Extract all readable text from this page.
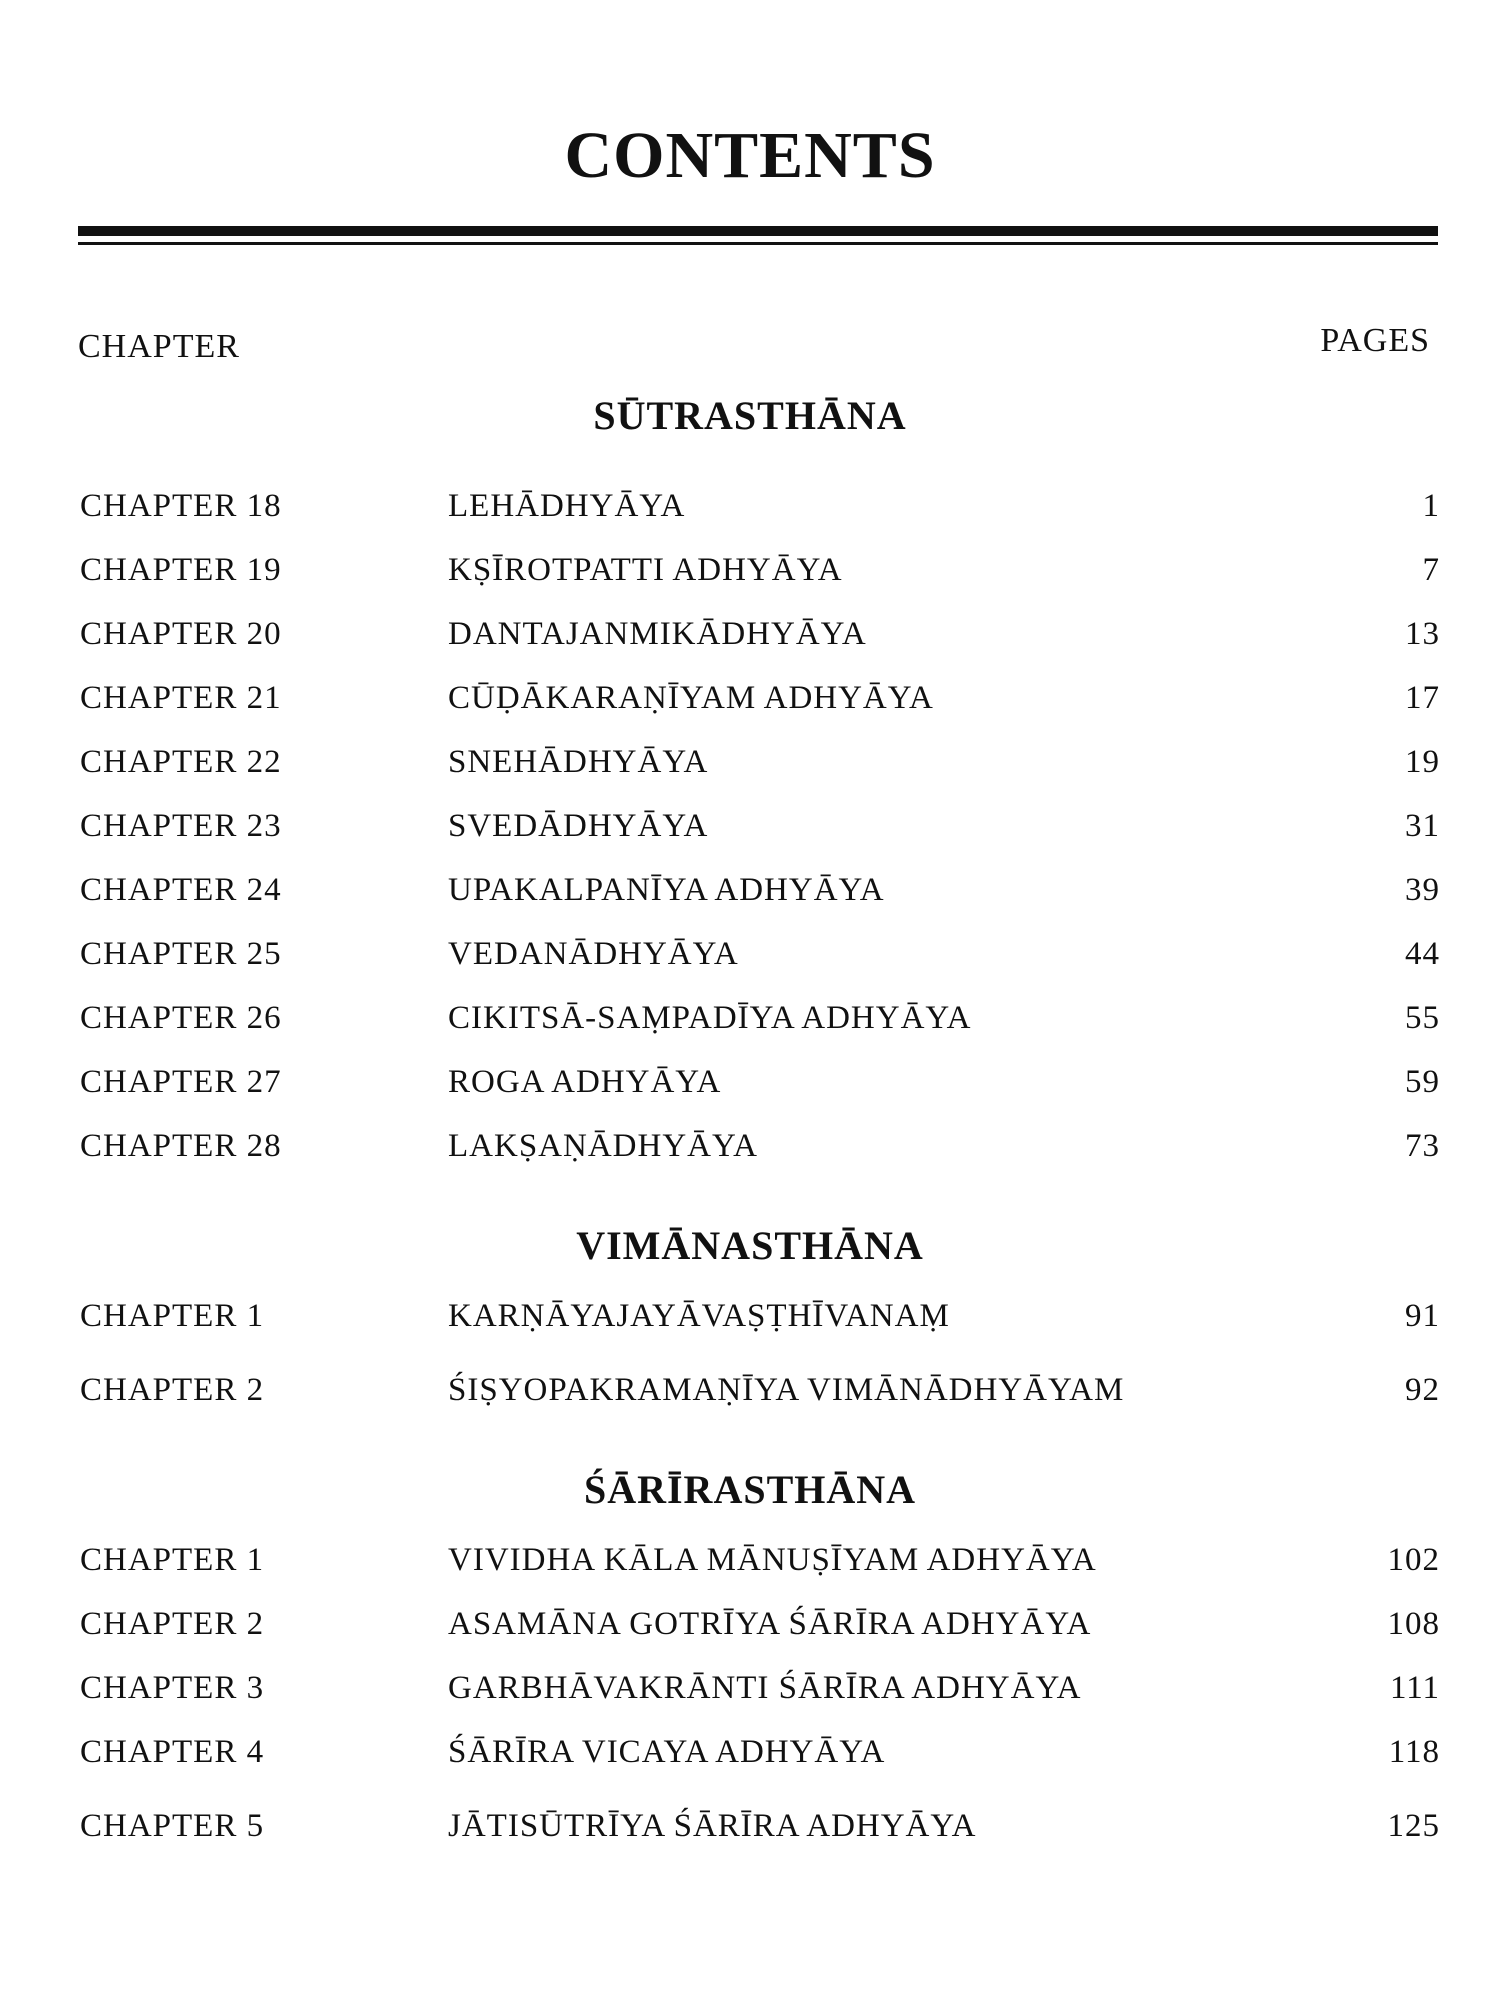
CONTENTS
CHAPTER	PAGES
SŪTRASTHĀNA
CHAPTER 18	LEHĀDHYĀYA	1
CHAPTER 19	KṢĪROTPATTI ADHYĀYA	7
CHAPTER 20	DANTAJANMIKĀDHYĀYA	13
CHAPTER 21	CŪḌĀKARAṆĪYAM ADHYĀYA	17
CHAPTER 22	SNEHĀDHYĀYA	19
CHAPTER 23	SVEDĀDHYĀYA	31
CHAPTER 24	UPAKALPANĪYA ADHYĀYA	39
CHAPTER 25	VEDANĀDHYĀYA	44
CHAPTER 26	CIKITSĀ-SAṂPADĪYA ADHYĀYA	55
CHAPTER 27	ROGA ADHYĀYA	59
CHAPTER 28	LAKṢAṆĀDHYĀYA	73
VIMĀNASTHĀNA
CHAPTER 1	KARṆĀYAJAYĀVAṢṬHĪVANAṂ	91
CHAPTER 2	ŚIṢYOPAKRAMAṆĪYA VIMĀNĀDHYĀYAM	92
ŚĀRĪRASTHĀNA
CHAPTER 1	VIVIDHA KĀLA MĀNUṢĪYAM ADHYĀYA	102
CHAPTER 2	ASAMĀNA GOTRĪYA ŚĀRĪRA ADHYĀYA	108
CHAPTER 3	GARBHĀVAKRĀNTI ŚĀRĪRA ADHYĀYA	111
CHAPTER 4	ŚĀRĪRA VICAYA ADHYĀYA	118
CHAPTER 5	JĀTISŪTRĪYA ŚĀRĪRA ADHYĀYA	125
